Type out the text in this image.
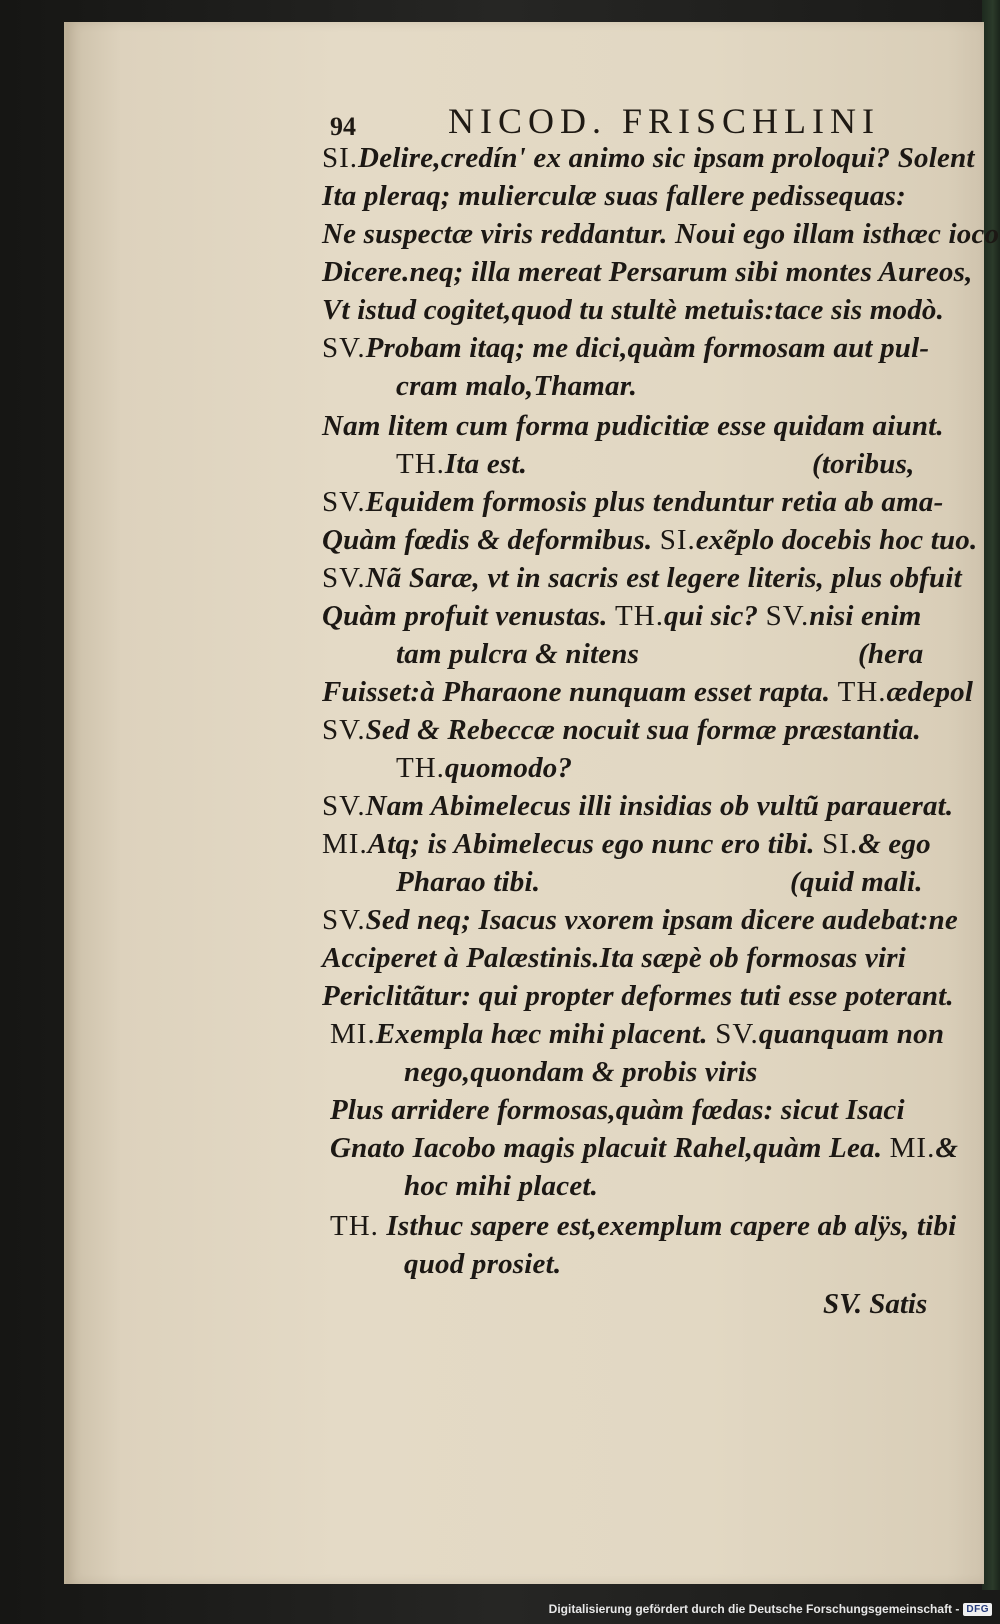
94	NICOD. FRISCHLINI
SI.Delire,credín' ex animo sic ipsam proloqui? Solent
Ita pleraq; mulierculæ suas fallere pedissequas:
Ne suspectæ viris reddantur. Noui ego illam isthæc ioco
Dicere.neq; illa mereat Persarum sibi montes Aureos,
Vt istud cogitet,quod tu stultè metuis:tace sis modò.
SV.Probam itaq; me dici,quàm formosam aut pul-
cram malo,Thamar.
Nam litem cum forma pudicitiæ esse quidam aiunt.
TH.Ita est.	(toribus,
SV.Equidem formosis plus tenduntur retia ab ama-
Quàm fœdis & deformibus. SI.exẽplo docebis hoc tuo.
SV.Nã Saræ, vt in sacris est legere literis, plus obfuit
Quàm profuit venustas. TH.qui sic? SV.nisi enim
tam pulcra & nitens	(hera
Fuisset:à Pharaone nunquam esset rapta. TH.ædepol
SV.Sed & Rebeccæ nocuit sua formæ præstantia.
TH.quomodo?
SV.Nam Abimelecus illi insidias ob vultũ parauerat.
MI.Atq; is Abimelecus ego nunc ero tibi. SI.& ego
Pharao tibi.	(quid mali.
SV.Sed neq; Isacus vxorem ipsam dicere audebat:ne
Acciperet à Palæstinis.Ita sæpè ob formosas viri
Periclitãtur: qui propter deformes tuti esse poterant.
MI.Exempla hæc mihi placent. SV.quanquam non
nego,quondam & probis viris
Plus arridere formosas,quàm fœdas: sicut Isaci
Gnato Iacobo magis placuit Rahel,quàm Lea. MI.&
hoc mihi placet.
TH. Isthuc sapere est,exemplum capere ab alÿs, tibi
quod prosiet.
SV. Satis
Digitalisierung gefördert durch die Deutsche Forschungsgemeinschaft - DFG
